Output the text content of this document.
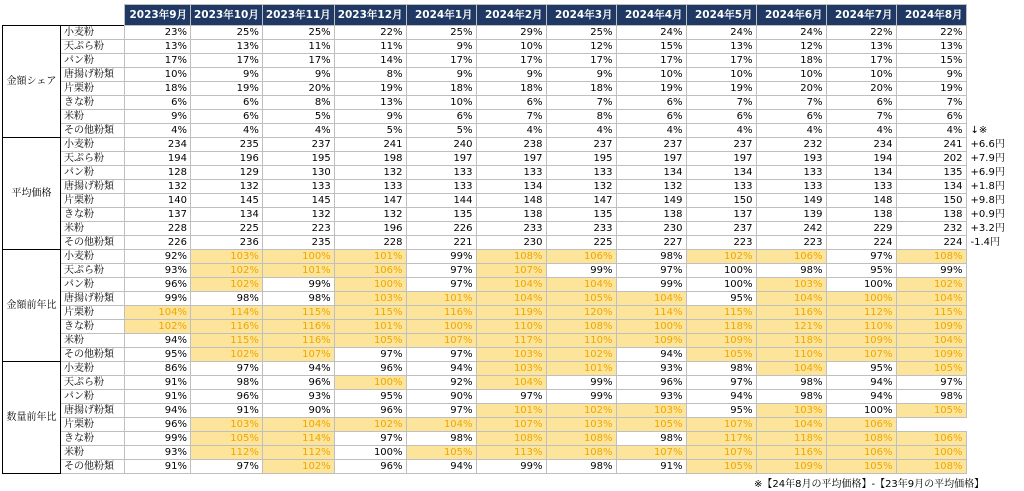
		2023年9月	2023年10月	2023年11月	2023年12月	2024年1月	2024年2月	2024年3月	2024年4月	2024年5月	2024年6月	2024年7月	2024年8月	
金額シェア	小麦粉	23%	25%	25%	22%	25%	29%	25%	24%	24%	24%	22%	22%	
	天ぷら粉	13%	13%	11%	11%	9%	10%	12%	15%	13%	12%	13%	13%	
	パン粉	17%	17%	17%	14%	17%	17%	17%	17%	17%	18%	17%	15%	
	唐揚げ粉類	10%	9%	9%	8%	9%	9%	9%	10%	10%	10%	10%	9%	
	片栗粉	18%	19%	20%	19%	18%	18%	18%	19%	19%	20%	20%	19%	
	きな粉	6%	6%	8%	13%	10%	6%	7%	6%	7%	7%	6%	7%	
	米粉	9%	6%	5%	9%	6%	7%	8%	6%	6%	6%	7%	6%	
	その他粉類	4%	4%	4%	5%	5%	4%	4%	4%	4%	4%	4%	4%	↓※
平均価格	小麦粉	234	235	237	241	240	238	237	237	237	232	234	241	+6.6円
	天ぷら粉	194	196	195	198	197	197	195	197	197	193	194	202	+7.9円
	パン粉	128	129	130	132	133	133	133	134	134	133	134	135	+6.9円
	唐揚げ粉類	132	132	133	133	133	134	132	132	133	133	133	134	+1.8円
	片栗粉	140	145	145	147	144	148	147	149	150	149	148	150	+9.8円
	きな粉	137	134	132	132	135	138	135	138	137	139	138	138	+0.9円
	米粉	228	225	223	196	226	233	233	230	237	242	229	232	+3.2円
	その他粉類	226	236	235	228	221	230	225	227	223	223	224	224	-1.4円
金額前年比	小麦粉	92%	103%	100%	101%	99%	108%	106%	98%	102%	106%	97%	108%	
	天ぷら粉	93%	102%	101%	106%	97%	107%	99%	97%	100%	98%	95%	99%	
	パン粉	96%	102%	99%	100%	97%	104%	104%	99%	100%	103%	100%	102%	
	唐揚げ粉類	99%	98%	98%	103%	101%	104%	105%	104%	95%	104%	100%	104%	
	片栗粉	104%	114%	115%	115%	116%	119%	120%	114%	115%	116%	112%	115%	
	きな粉	102%	116%	116%	101%	100%	110%	108%	100%	118%	121%	110%	109%	
	米粉	94%	115%	116%	105%	107%	117%	110%	109%	109%	118%	109%	104%	
	その他粉類	95%	102%	107%	97%	97%	103%	102%	94%	105%	110%	107%	109%	
数量前年比	小麦粉	86%	97%	94%	96%	94%	103%	101%	93%	98%	104%	95%	105%	
	天ぷら粉	91%	98%	96%	100%	92%	104%	99%	96%	97%	98%	94%	97%	
	パン粉	91%	96%	93%	95%	90%	97%	99%	93%	94%	98%	94%	98%	
	唐揚げ粉類	94%	91%	90%	96%	97%	101%	102%	103%	95%	103%	100%	105%	
	片栗粉	96%	103%	104%	102%	104%	107%	103%	105%	107%	104%	106%		
	きな粉	99%	105%	114%	97%	98%	108%	108%	98%	117%	118%	108%	106%	
	米粉	93%	112%	112%	100%	105%	113%	108%	107%	107%	116%	106%	100%	
	その他粉類	91%	97%	102%	96%	94%	99%	98%	91%	105%	109%	105%	108%	
※【24年8月の平均価格】-【23年9月の平均価格】
